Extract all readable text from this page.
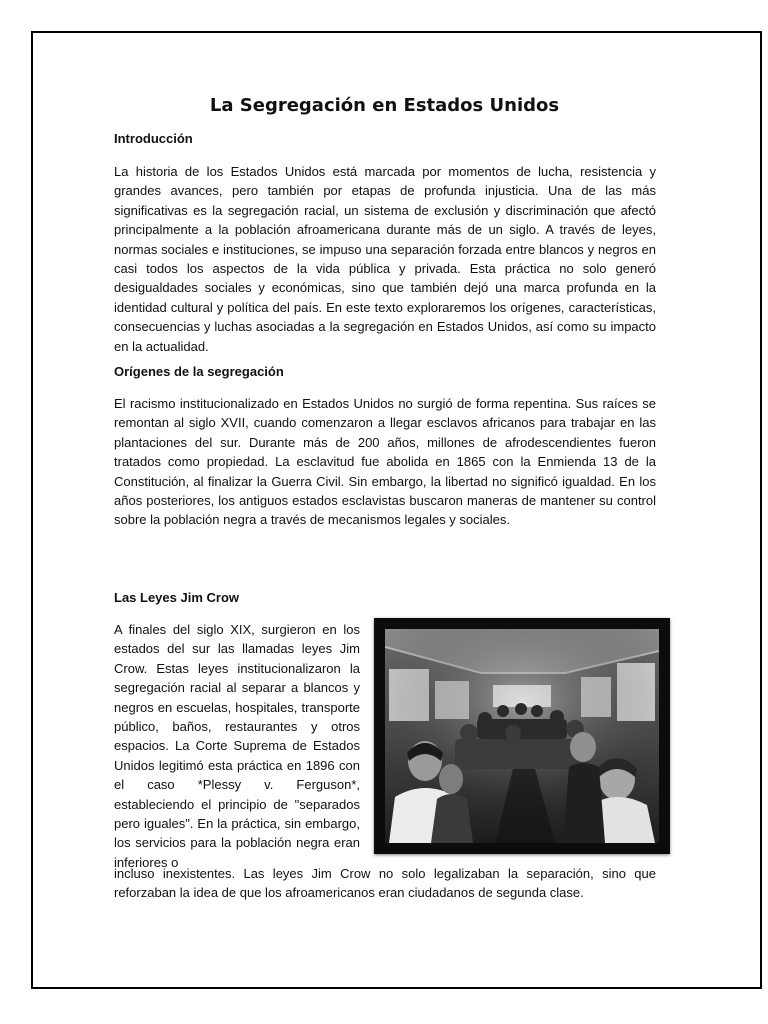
La Segregación en Estados Unidos
Introducción

La historia de los Estados Unidos está marcada por momentos de lucha, resistencia y grandes avances, pero también por etapas de profunda injusticia. Una de las más significativas es la segregación racial, un sistema de exclusión y discriminación que afectó principalmente a la población afroamericana durante más de un siglo. A través de leyes, normas sociales e instituciones, se impuso una separación forzada entre blancos y negros en casi todos los aspectos de la vida pública y privada. Esta práctica no solo generó desigualdades sociales y económicas, sino que también dejó una marca profunda en la identidad cultural y política del país. En este texto exploraremos los orígenes, características, consecuencias y luchas asociadas a la segregación en Estados Unidos, así como su impacto en la actualidad.

Orígenes de la segregación

El racismo institucionalizado en Estados Unidos no surgió de forma repentina. Sus raíces se remontan al siglo XVII, cuando comenzaron a llegar esclavos africanos para trabajar en las plantaciones del sur. Durante más de 200 años, millones de afrodescendientes fueron tratados como propiedad. La esclavitud fue abolida en 1865 con la Enmienda 13 de la Constitución, al finalizar la Guerra Civil. Sin embargo, la libertad no significó igualdad. En los años posteriores, los antiguos estados esclavistas buscaron maneras de mantener su control sobre la población negra a través de mecanismos legales y sociales.

Las Leyes Jim Crow

A finales del siglo XIX, surgieron en los estados del sur las llamadas leyes Jim Crow. Estas leyes institucionalizaron la segregación racial al separar a blancos y negros en escuelas, hospitales, transporte público, baños, restaurantes y otros espacios. La Corte Suprema de Estados Unidos legitimó esta práctica en 1896 con el caso *Plessy v. Ferguson*, estableciendo el principio de "separados pero iguales". En la práctica, sin embargo, los servicios para la población negra eran inferiores o

incluso inexistentes. Las leyes Jim Crow no solo legalizaban la separación, sino que reforzaban la idea de que los afroamericanos eran ciudadanos de segunda clase.
